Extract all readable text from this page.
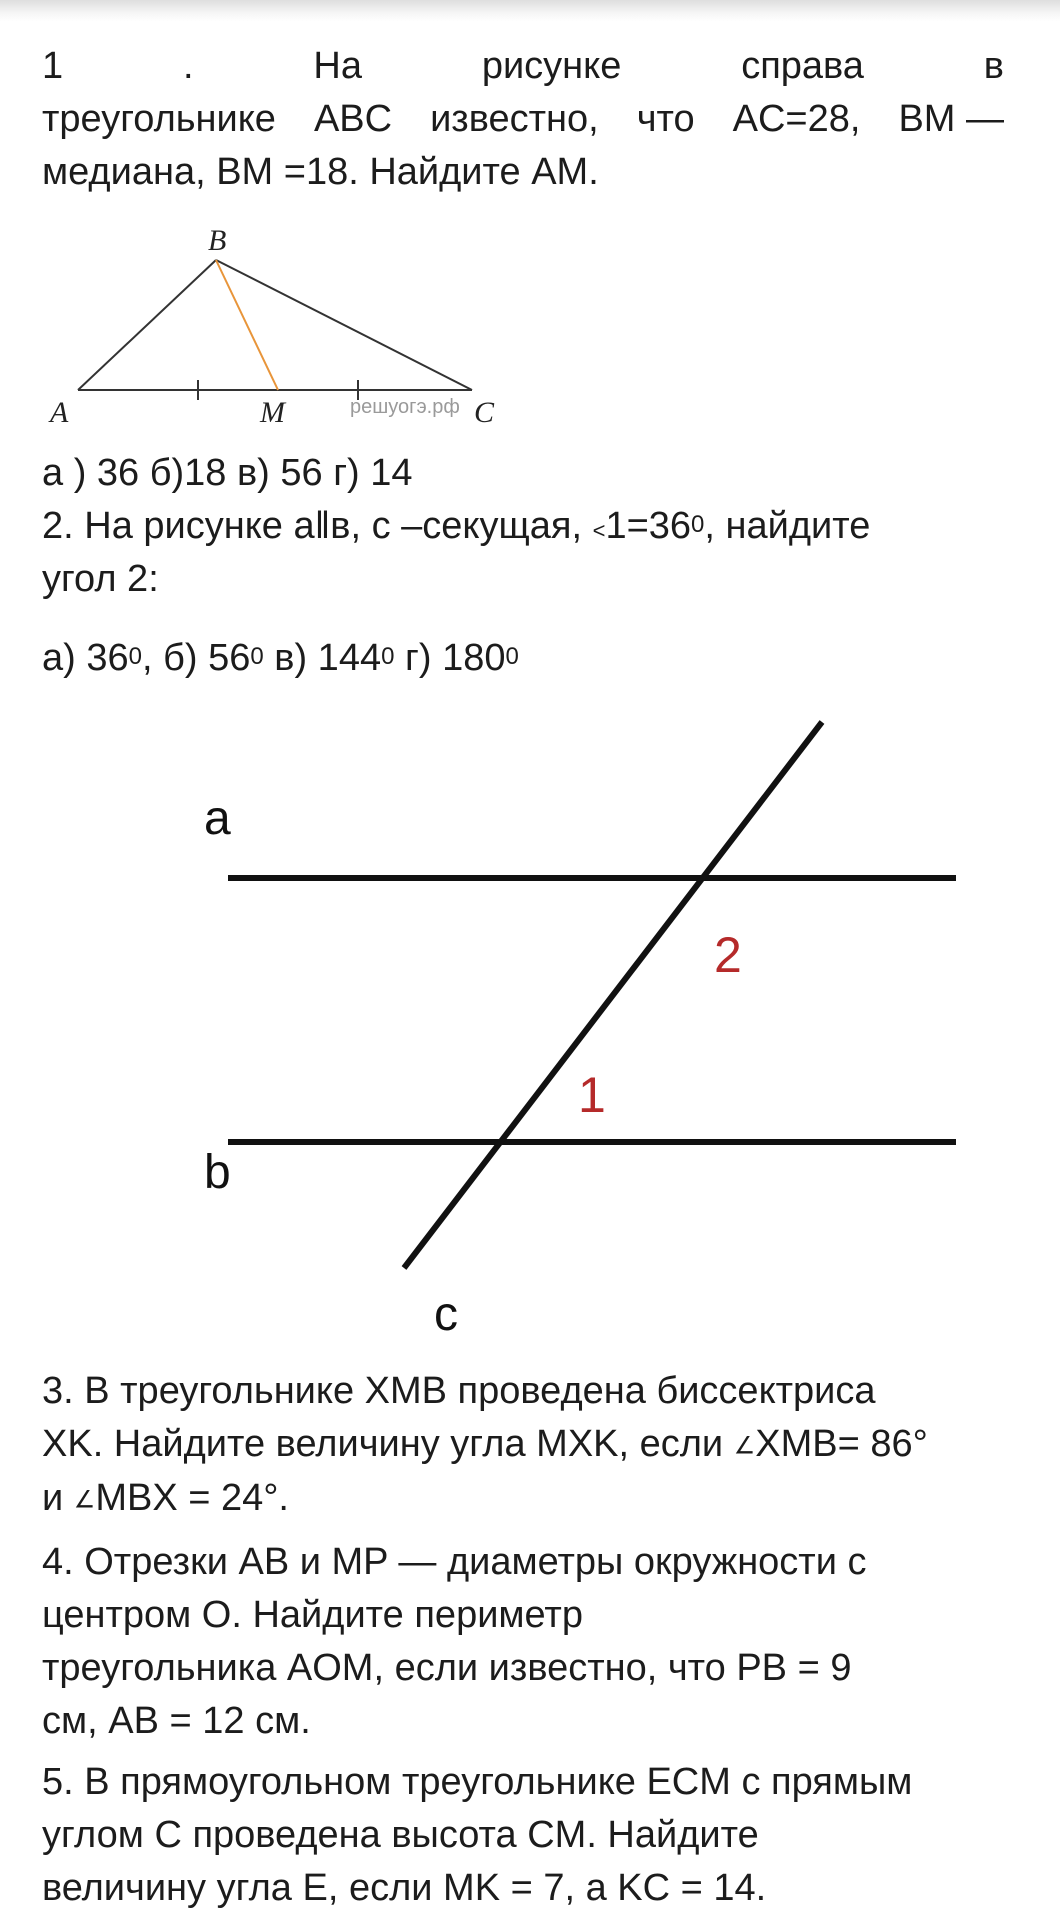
1	.	На	рисунке	справа	в
треугольнике ABC известно, что AC=28, BM —
медиана, BM =18. Найдите AM.
решуогэ.рф
B
A	M	C
а ) 36 б)18 в) 56 г) 14
2. На рисунке a‖в, с –секущая, $^<1=36^0$, найдите
угол 2:
а) $36^0$, б) $56^0$ в) $144^0$ г) $180^0$
a
b
c
2
1
3. В треугольнике XMB проведена биссектриса
XK. Найдите величину угла MXK, если ∠XMB= 86°
и ∠MBX = 24°.
4. Отрезки AB и MP — диаметры окружности с
центром O. Найдите периметр
треугольника AOM, если известно, что PB = 9
см, AB = 12 см.
5. В прямоугольном треугольнике ECM с прямым
углом C проведена высота CM. Найдите
величину угла E, если MK = 7, а KC = 14.
